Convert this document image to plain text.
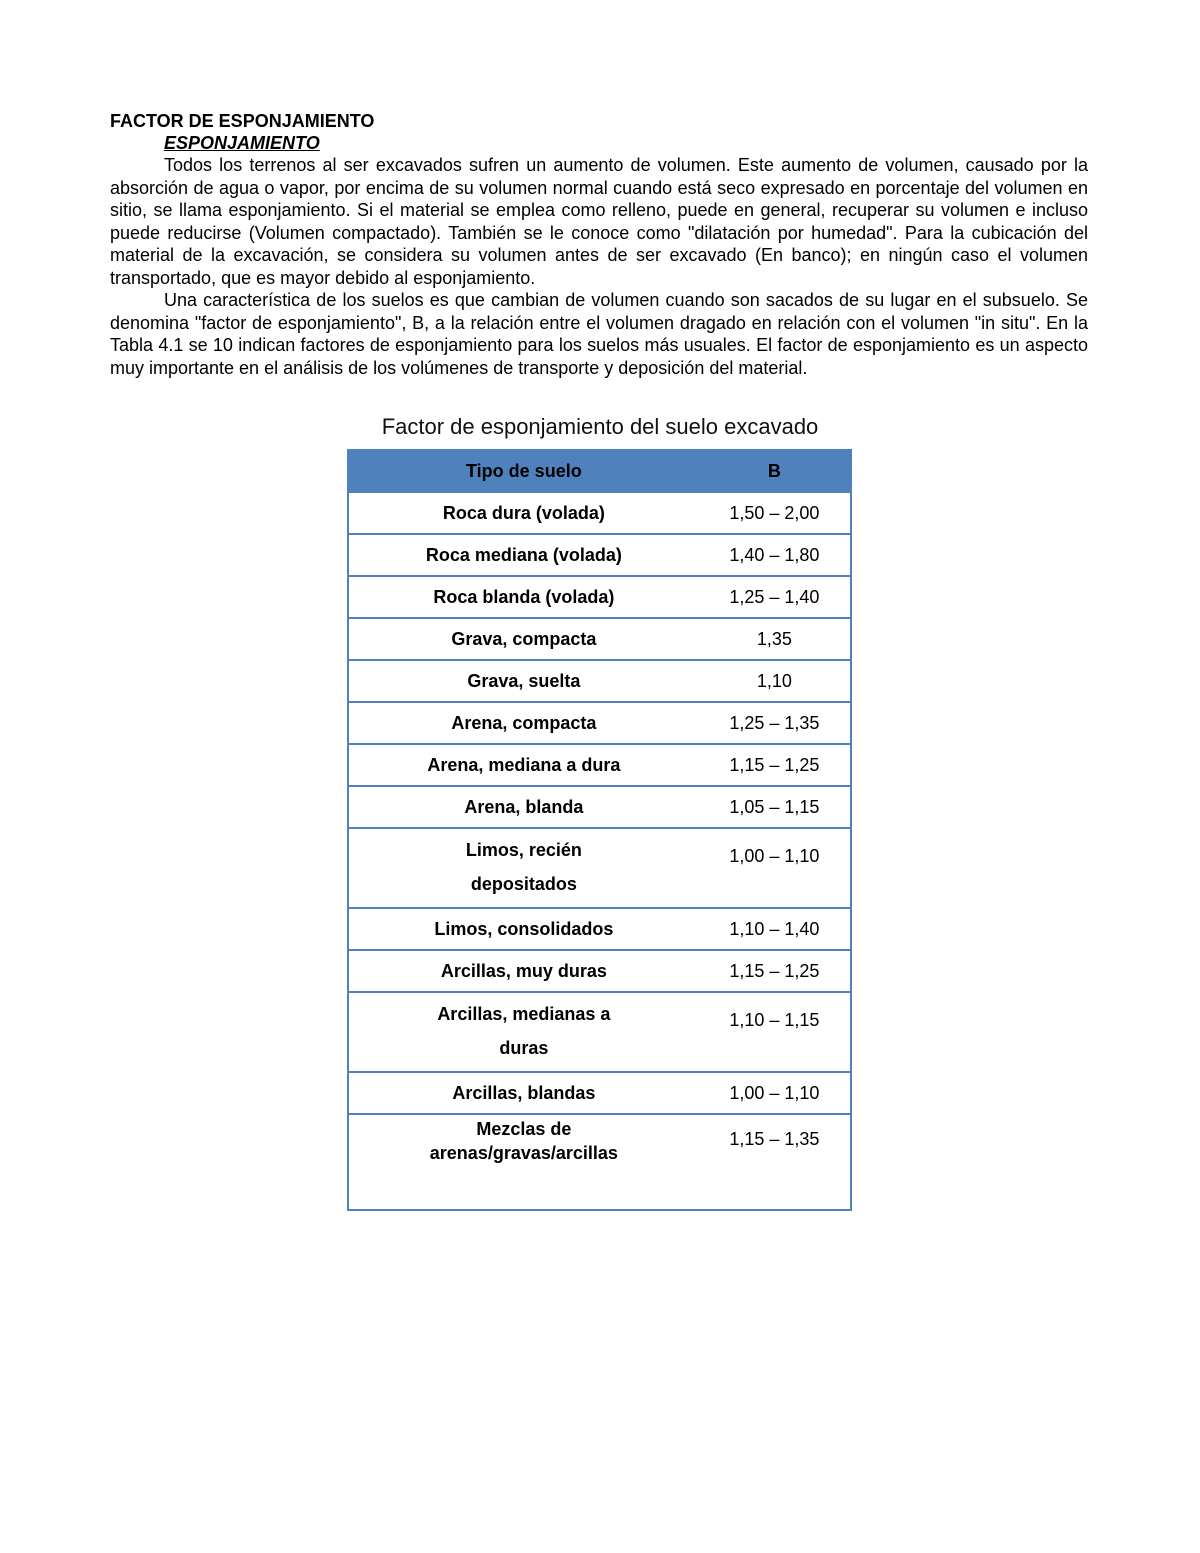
FACTOR DE ESPONJAMIENTO

ESPONJAMIENTO

Todos los terrenos al ser excavados sufren un aumento de volumen. Este aumento de volumen, causado por la absorción de agua o vapor, por encima de su volumen normal cuando está seco expresado en porcentaje del volumen en sitio, se llama esponjamiento. Si el material se emplea como relleno, puede en general, recuperar su volumen e incluso puede reducirse (Volumen compactado). También se le conoce como "dilatación por humedad". Para la cubicación del material de la excavación, se considera su volumen antes de ser excavado (En banco); en ningún caso el volumen transportado, que es mayor debido al esponjamiento.

Una característica de los suelos es que cambian de volumen cuando son sacados de su lugar en el subsuelo. Se denomina "factor de esponjamiento", B, a la relación entre el volumen dragado en relación con el volumen "in situ". En la Tabla 4.1 se 10 indican factores de esponjamiento para los suelos más usuales. El factor de esponjamiento es un aspecto muy importante en el análisis de los volúmenes de transporte y deposición del material.

Factor de esponjamiento del suelo excavado
Tipo de suelo	B
Roca dura (volada)	1,50 – 2,00
Roca mediana (volada)	1,40 – 1,80
Roca blanda (volada)	1,25 – 1,40
Grava, compacta	1,35
Grava, suelta	1,10
Arena, compacta	1,25 – 1,35
Arena, mediana a dura	1,15 – 1,25
Arena, blanda	1,05 – 1,15

Limos, recién depositados	1,00 – 1,10
Limos, consolidados	1,10 – 1,40
Arcillas, muy duras	1,15 – 1,25

Arcillas, medianas a duras	1,10 – 1,15
Arcillas, blandas	1,00 – 1,10

Mezclas de arenas/gravas/arcillas	1,15 – 1,35
